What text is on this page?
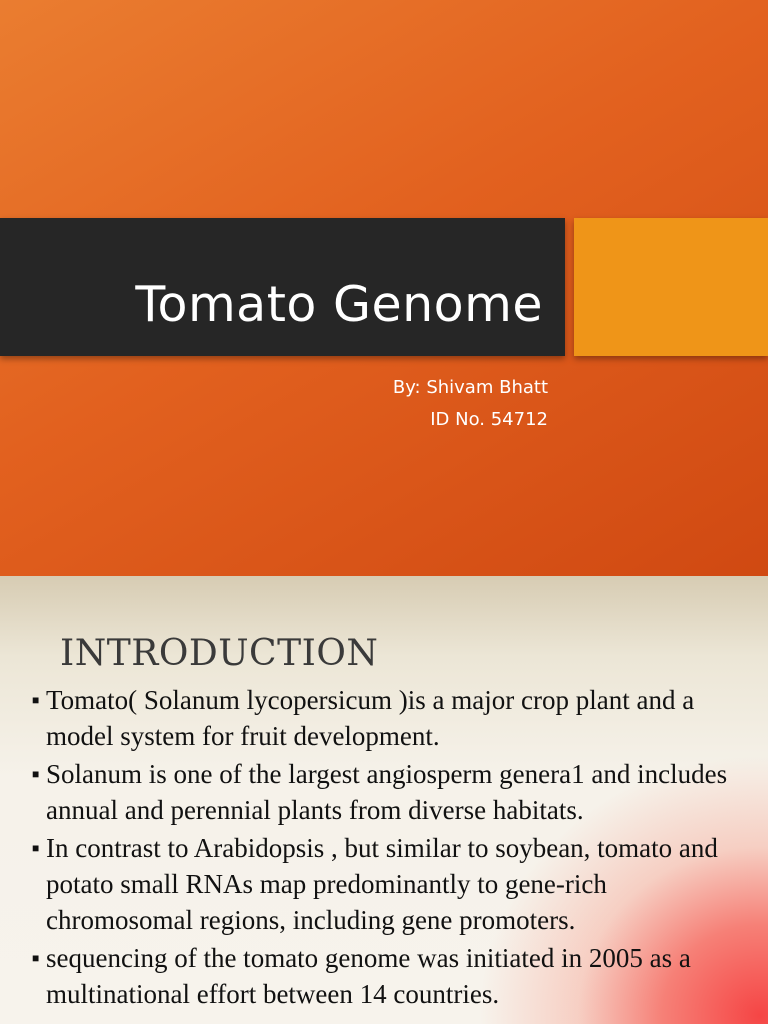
Tomato Genome
By: Shivam Bhatt
ID No. 54712
INTRODUCTION
■ Tomato( Solanum lycopersicum )is a major crop plant and a model system for fruit development.
■ Solanum is one of the largest angiosperm genera1 and includes annual and perennial plants from diverse habitats.
■ In contrast to Arabidopsis , but similar to soybean, tomato and potato small RNAs map predominantly to gene-rich chromosomal regions, including gene promoters.
■ sequencing of the tomato genome was initiated in 2005 as a multinational effort between 14 countries.
